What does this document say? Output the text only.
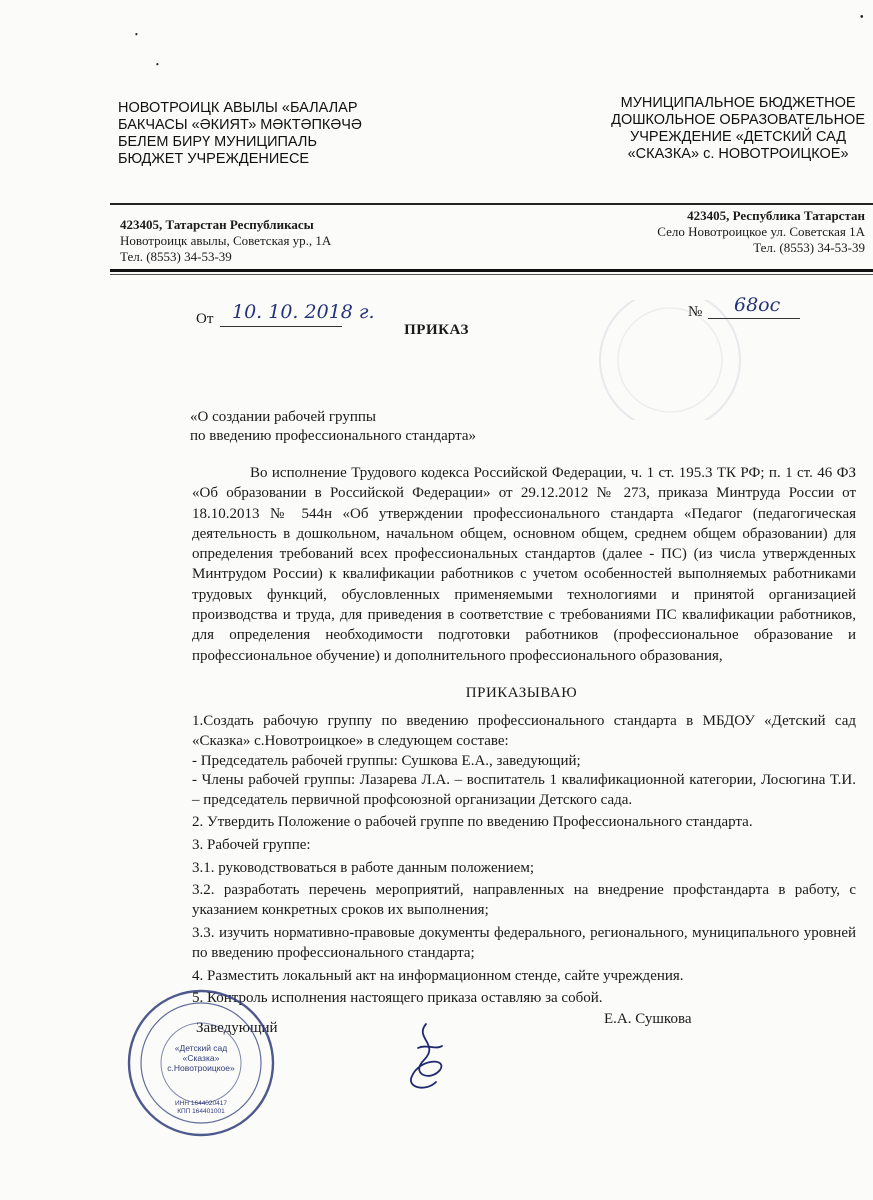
•
•
•
НОВОТРОИЦК АВЫЛЫ «БАЛАЛАР
БАКЧАСЫ «ӘКИЯТ» МӘКТӘПКӘЧӘ
БЕЛЕМ БИРҮ МУНИЦИПАЛЬ
БЮДЖЕТ УЧРЕЖДЕНИЕСЕ
МУНИЦИПАЛЬНОЕ БЮДЖЕТНОЕ
ДОШКОЛЬНОЕ ОБРАЗОВАТЕЛЬНОЕ
УЧРЕЖДЕНИЕ «ДЕТСКИЙ САД
«СКАЗКА» с. НОВОТРОИЦКОЕ»
423405, Татарстан Республикасы
Новотроицк авылы, Советская ур., 1А
Тел. (8553) 34-53-39
423405, Республика Татарстан
Село Новотроицкое ул. Советская 1А
Тел. (8553) 34-53-39
От 10. 10. 2018 г.	№ 68ос
ПРИКАЗ
«О создании рабочей группы
по введению профессионального стандарта»

Во исполнение Трудового кодекса Российской Федерации, ч. 1 ст. 195.3 ТК РФ; п. 1 ст. 46 ФЗ «Об образовании в Российской Федерации» от 29.12.2012 № 273, приказа Минтруда России от 18.10.2013 № 544н «Об утверждении профессионального стандарта «Педагог (педагогическая деятельность в дошкольном, начальном общем, основном общем, среднем общем образовании) для определения требований всех профессиональных стандартов (далее - ПС) (из числа утвержденных Минтрудом России) к квалификации работников с учетом особенностей выполняемых работниками трудовых функций, обусловленных применяемыми технологиями и принятой организацией производства и труда, для приведения в соответствие с требованиями ПС квалификации работников, для определения необходимости подготовки работников (профессиональное образование и профессиональное обучение) и дополнительного профессионального образования,

ПРИКАЗЫВАЮ
1.Создать рабочую группу по введению профессионального стандарта в МБДОУ «Детский сад «Сказка» с.Новотроицкое» в следующем составе:
- Председатель рабочей группы: Сушкова Е.А., заведующий;
- Члены рабочей группы: Лазарева Л.А. – воспитатель 1 квалификационной категории, Лосюгина Т.И. – председатель первичной профсоюзной организации Детского сада.
2. Утвердить Положение о рабочей группе по введению Профессионального стандарта.
3. Рабочей группе:
3.1. руководствоваться в работе данным положением;
3.2. разработать перечень мероприятий, направленных на внедрение профстандарта в работу, с указанием конкретных сроков их выполнения;
3.3. изучить нормативно-правовые документы федерального, регионального, муниципального уровней по введению профессионального стандарта;
4. Разместить локальный акт на информационном стенде, сайте учреждения.
5. Контроль исполнения настоящего приказа оставляю за собой.
Заведующий
Е.А. Сушкова
«Детский сад
«Сказка»
с.Новотроицкое»
ИНН 1644020417
КПП 164401001
